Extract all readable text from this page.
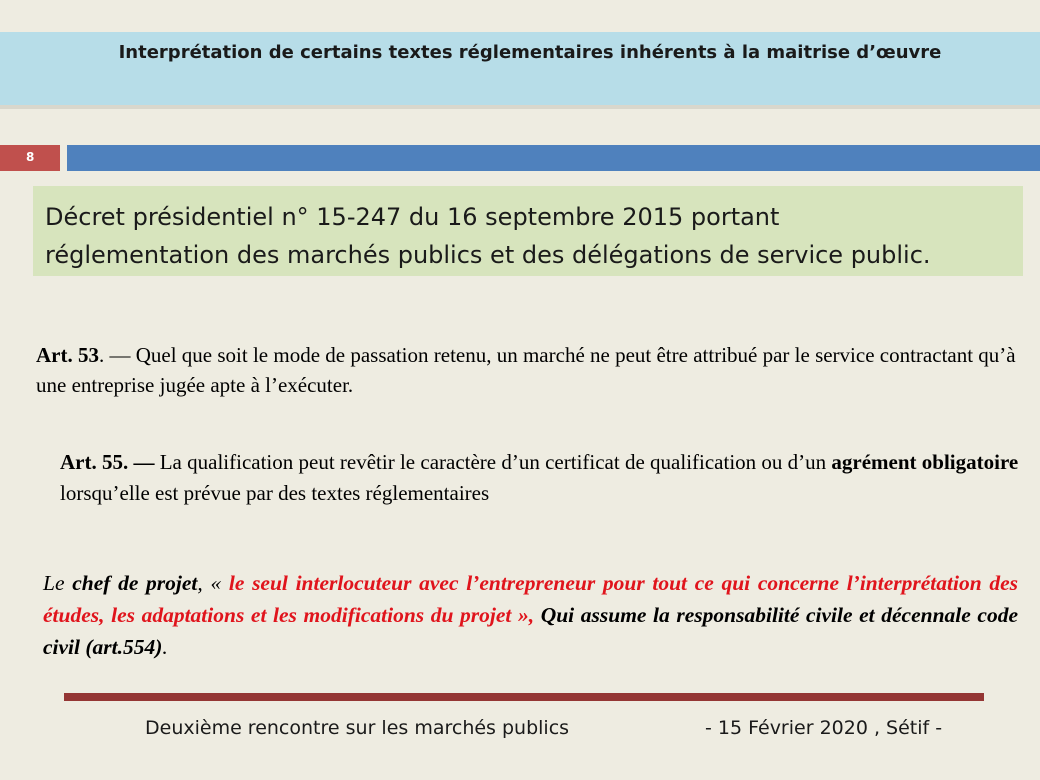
Interprétation de certains textes réglementaires inhérents à la maitrise d’œuvre
8

Décret présidentiel n° 15-247 du 16 septembre 2015 portant
réglementation des marchés publics et des délégations de service public.

Art. 53. — Quel que soit le mode de passation retenu, un marché ne peut être attribué par le service contractant qu’à une entreprise jugée apte à l’exécuter.

Art. 55. — La qualification peut revêtir le caractère d’un certificat de qualification ou d’un agrément obligatoire lorsqu’elle est prévue par des textes réglementaires

Le chef de projet, « le seul interlocuteur avec l’entrepreneur pour tout ce qui concerne l’interprétation des études, les adaptations et les modifications du projet », Qui assume la responsabilité civile et décennale code civil (art.554).

Deuxième rencontre sur les marchés publics	- 15 Février 2020 , Sétif -
